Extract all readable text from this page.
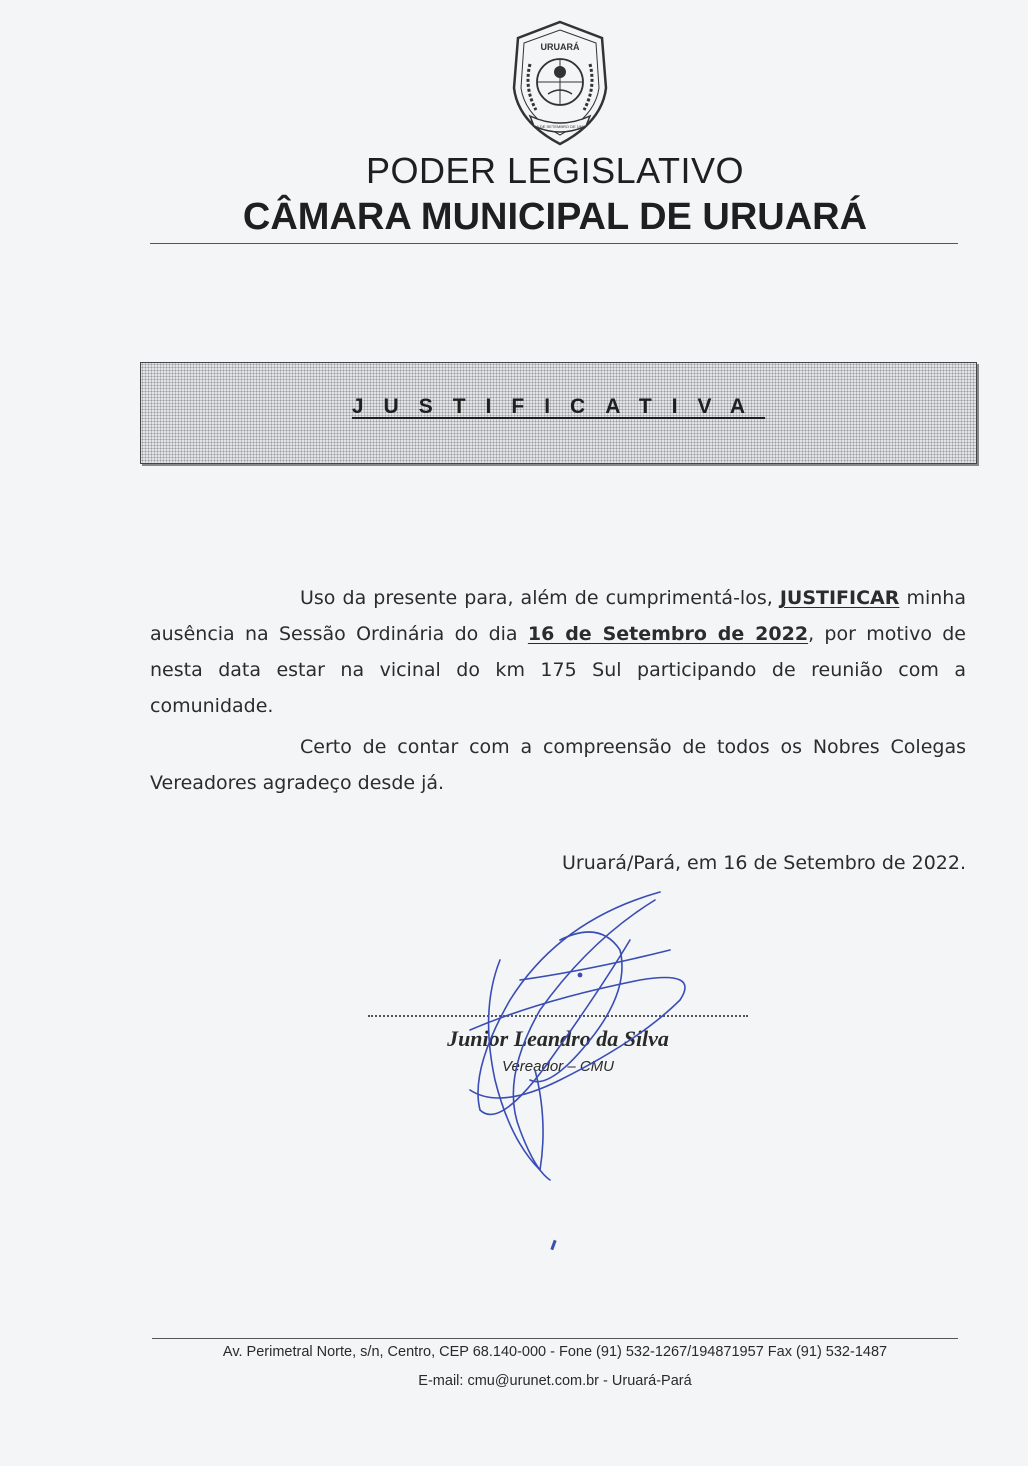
URUARÁ
16 DE SETEMBRO DE 1987
PODER LEGISLATIVO
CÂMARA MUNICIPAL DE URUARÁ
JUSTIFICATIVA
Uso da presente para, além de cumprimentá-los, JUSTIFICAR minha ausência na Sessão Ordinária do dia 16 de Setembro de 2022, por motivo de nesta data estar na vicinal do km 175 Sul participando de reunião com a comunidade.
Certo de contar com a compreensão de todos os Nobres Colegas Vereadores agradeço desde já.
Uruará/Pará, em 16 de Setembro de 2022.
Junior Leandro da Silva
Vereador – CMU
Av. Perimetral Norte, s/n, Centro, CEP 68.140-000 - Fone (91) 532-1267/194871957 Fax (91) 532-1487
E-mail: cmu@urunet.com.br - Uruará-Pará
